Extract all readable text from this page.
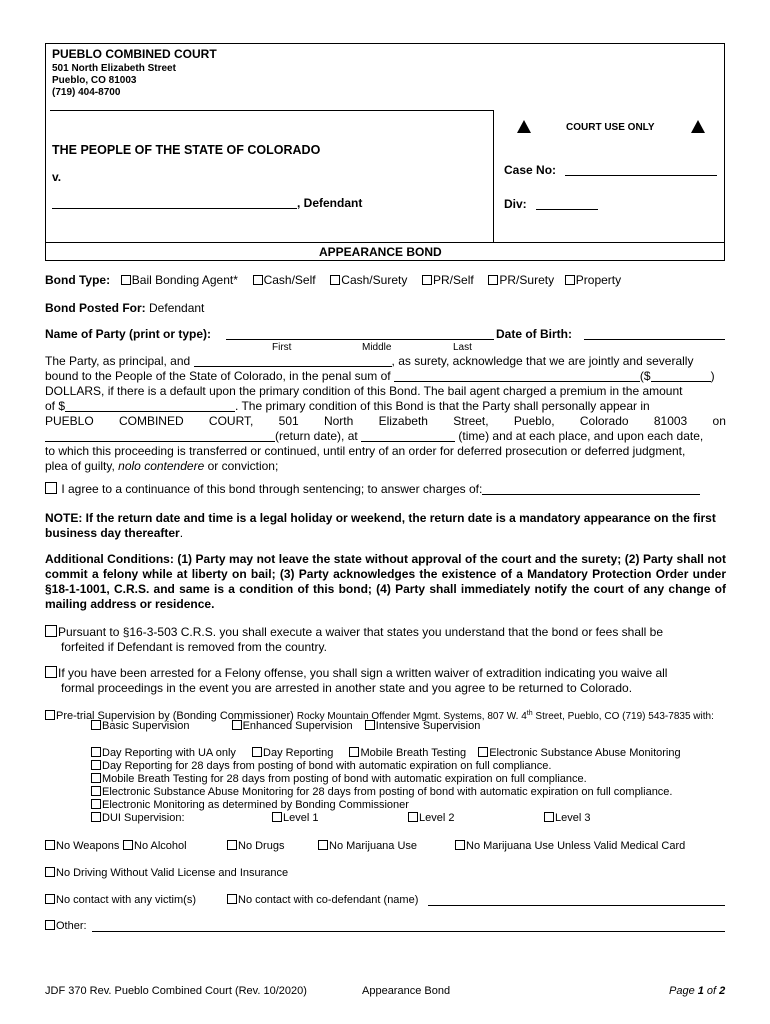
PUEBLO COMBINED COURT
501 North Elizabeth Street
Pueblo, CO 81003
(719) 404-8700
COURT USE ONLY
THE PEOPLE OF THE STATE OF COLORADO
v.
, Defendant
Case No:
Div:
APPEARANCE BOND
Bond Type: Bail Bonding Agent* Cash/Self Cash/Surety PR/Self PR/Surety Property
Bond Posted For: Defendant
Name of Party (print or type):	Date of Birth:
First	Middle	Last
The Party, as principal, and	, as surety, acknowledge that we are jointly and severally
bound to the People of the State of Colorado, in the penal sum of	($	)
DOLLARS, if there is a default upon the primary condition of this Bond. The bail agent charged a premium in the amount
of $	. The primary condition of this Bond is that the Party shall personally appear in
PUEBLO COMBINED COURT, 501 North Elizabeth Street, Pueblo, Colorado 81003 on
(return date), at	(time) and at each place, and upon each date,
to which this proceeding is transferred or continued, until entry of an order for deferred prosecution or deferred judgment,
plea of guilty, nolo contendere or conviction;
I agree to a continuance of this bond through sentencing; to answer charges of:
NOTE: If the return date and time is a legal holiday or weekend, the return date is a mandatory appearance on the first business day thereafter.
Additional Conditions: (1) Party may not leave the state without approval of the court and the surety; (2) Party shall not commit a felony while at liberty on bail; (3) Party acknowledges the existence of a Mandatory Protection Order under §18-1-1001, C.R.S. and same is a condition of this bond; (4) Party shall immediately notify the court of any change of mailing address or residence.
Pursuant to §16-3-503 C.R.S. you shall execute a waiver that states you understand that the bond or fees shall be
forfeited if Defendant is removed from the country.
If you have been arrested for a Felony offense, you shall sign a written waiver of extradition indicating you waive all
formal proceedings in the event you are arrested in another state and you agree to be returned to Colorado.
Pre-trial Supervision by (Bonding Commissioner) Rocky Mountain Offender Mgmt. Systems, 807 W. 4th Street, Pueblo, CO (719) 543-7835 with:
Basic Supervision	Enhanced Supervision Intensive Supervision
Day Reporting with UA only Day Reporting Mobile Breath Testing Electronic Substance Abuse Monitoring
Day Reporting for 28 days from posting of bond with automatic expiration on full compliance.
Mobile Breath Testing for 28 days from posting of bond with automatic expiration on full compliance.
Electronic Substance Abuse Monitoring for 28 days from posting of bond with automatic expiration on full compliance.
Electronic Monitoring as determined by Bonding Commissioner
DUI Supervision:	Level 1	Level 2	Level 3
No Weapons	No Alcohol	No Drugs	No Marijuana Use	No Marijuana Use Unless Valid Medical Card
No Driving Without Valid License and Insurance
No contact with any victim(s)	No contact with co-defendant (name)
Other:
JDF 370 Rev. Pueblo Combined Court (Rev. 10/2020)	Appearance Bond	Page 1 of 2
